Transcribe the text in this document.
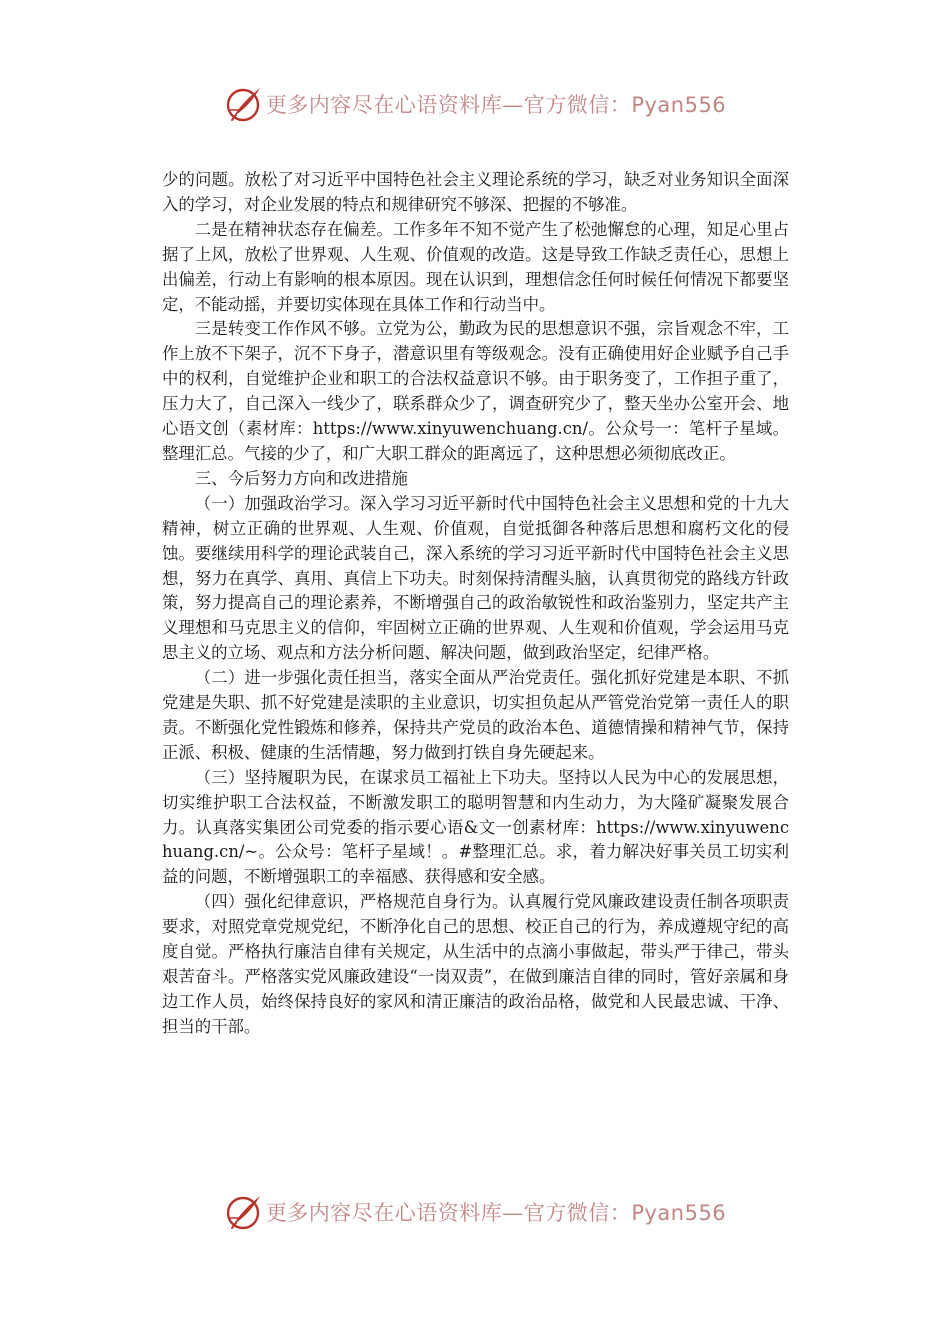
更多内容尽在心语资料库—官方微信：Pyan556

少的问题。放松了对习近平中国特色社会主义理论系统的学习，缺乏对业务知识全面深入的学习，对企业发展的特点和规律研究不够深、把握的不够准。

二是在精神状态存在偏差。工作多年不知不觉产生了松弛懈怠的心理，知足心里占据了上风，放松了世界观、人生观、价值观的改造。这是导致工作缺乏责任心，思想上出偏差，行动上有影响的根本原因。现在认识到，理想信念任何时候任何情况下都要坚定，不能动摇，并要切实体现在具体工作和行动当中。

三是转变工作作风不够。立党为公，勤政为民的思想意识不强，宗旨观念不牢，工作上放不下架子，沉不下身子，潜意识里有等级观念。没有正确使用好企业赋予自己手中的权利，自觉维护企业和职工的合法权益意识不够。由于职务变了，工作担子重了，压力大了，自己深入一线少了，联系群众少了，调查研究少了，整天坐办公室开会、地心语文创（素材库：https://www.xinyuwenchuang.cn/。公众号一：笔杆子星域。整理汇总。气接的少了，和广大职工群众的距离远了，这种思想必须彻底改正。

三、今后努力方向和改进措施

（一）加强政治学习。深入学习习近平新时代中国特色社会主义思想和党的十九大精神，树立正确的世界观、人生观、价值观，自觉抵御各种落后思想和腐朽文化的侵蚀。要继续用科学的理论武装自己，深入系统的学习习近平新时代中国特色社会主义思想，努力在真学、真用、真信上下功夫。时刻保持清醒头脑，认真贯彻党的路线方针政策，努力提高自己的理论素养，不断增强自己的政治敏锐性和政治鉴别力，坚定共产主义理想和马克思主义的信仰，牢固树立正确的世界观、人生观和价值观，学会运用马克思主义的立场、观点和方法分析问题、解决问题，做到政治坚定，纪律严格。

（二）进一步强化责任担当，落实全面从严治党责任。强化抓好党建是本职、不抓党建是失职、抓不好党建是渎职的主业意识，切实担负起从严管党治党第一责任人的职责。不断强化党性锻炼和修养，保持共产党员的政治本色、道德情操和精神气节，保持正派、积极、健康的生活情趣，努力做到打铁自身先硬起来。

（三）坚持履职为民，在谋求员工福祉上下功夫。坚持以人民为中心的发展思想，切实维护职工合法权益，不断激发职工的聪明智慧和内生动力，为大隆矿凝聚发展合力。认真落实集团公司党委的指示要心语&文一创素材库：https://www.xinyuwenchuang.cn/~。公众号：笔杆子星域！。#整理汇总。求，着力解决好事关员工切实利益的问题，不断增强职工的幸福感、获得感和安全感。

（四）强化纪律意识，严格规范自身行为。认真履行党风廉政建设责任制各项职责要求，对照党章党规党纪，不断净化自己的思想、校正自己的行为，养成遵规守纪的高度自觉。严格执行廉洁自律有关规定，从生活中的点滴小事做起，带头严于律己，带头艰苦奋斗。严格落实党风廉政建设“一岗双责”，在做到廉洁自律的同时，管好亲属和身边工作人员，始终保持良好的家风和清正廉洁的政治品格，做党和人民最忠诚、干净、担当的干部。

更多内容尽在心语资料库—官方微信：Pyan556
